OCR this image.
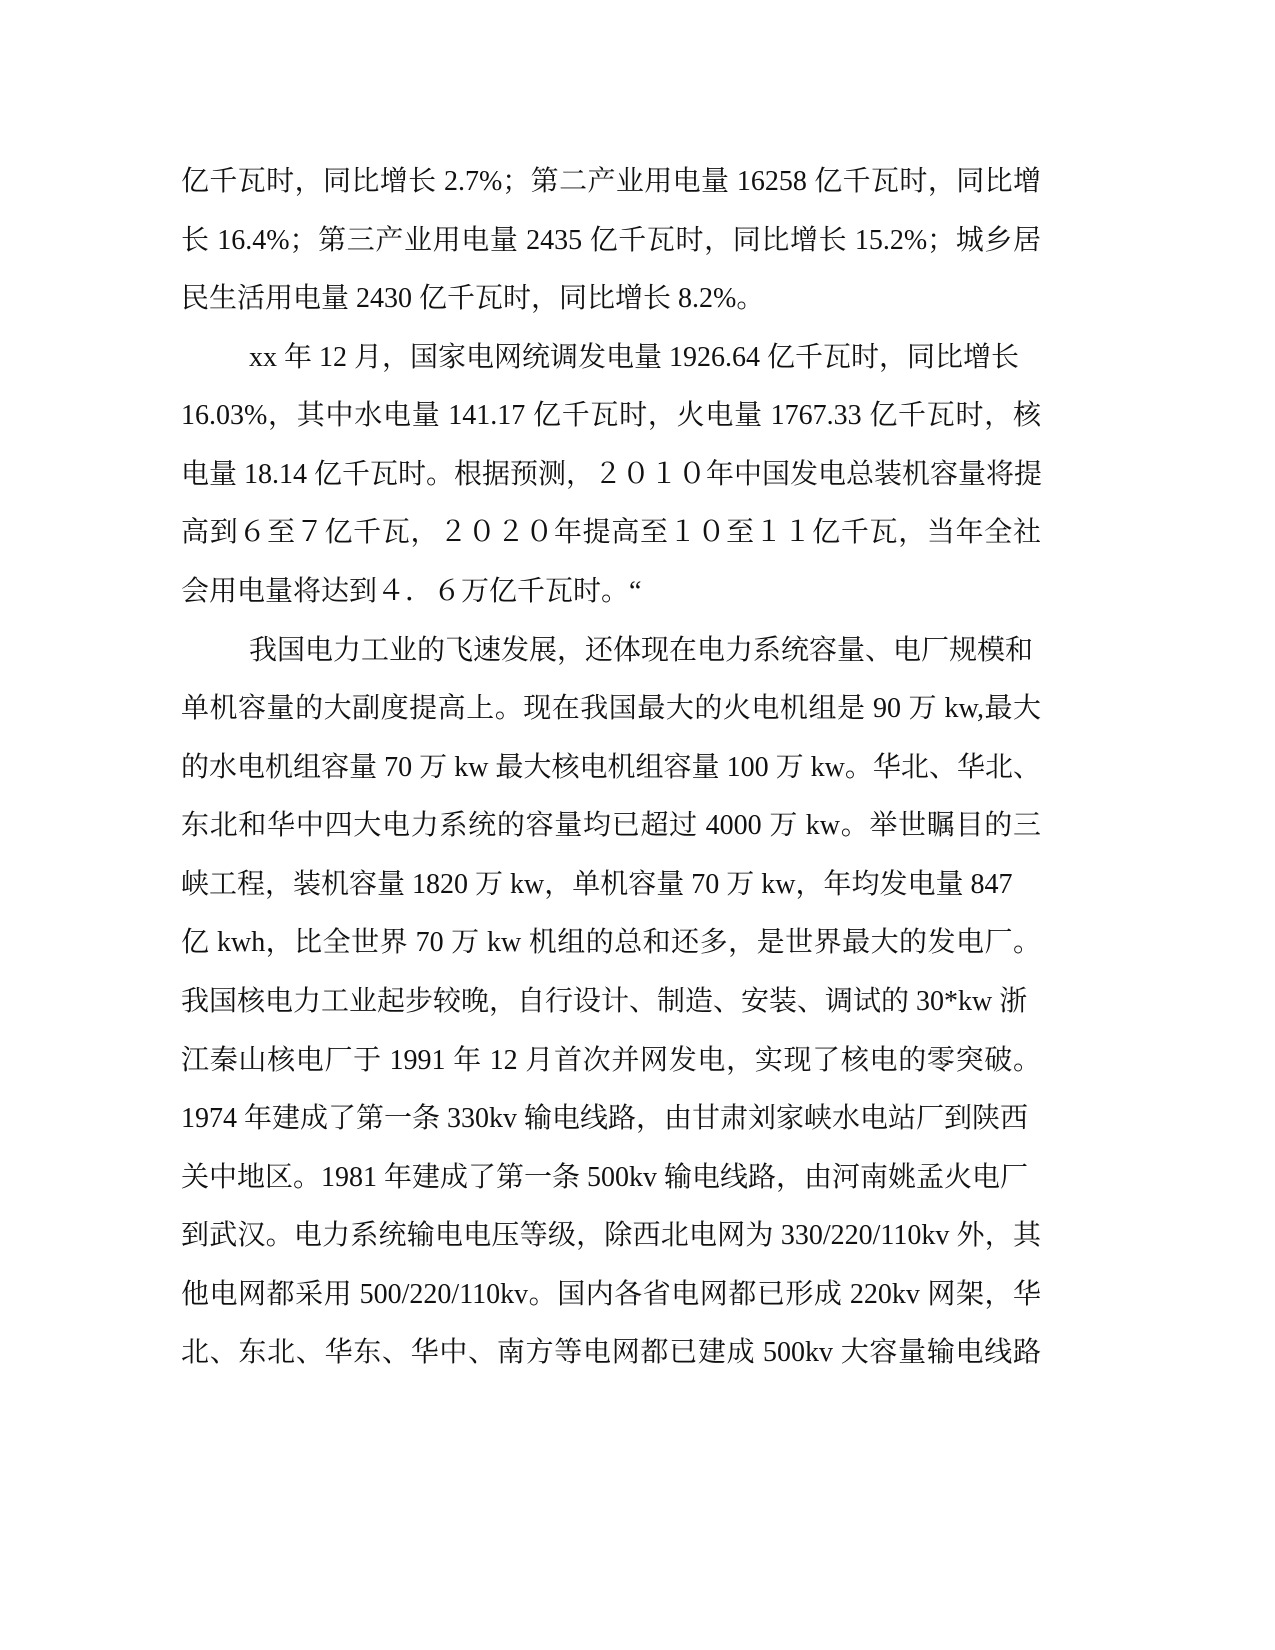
亿千瓦时，同比增长 2.7%；第二产业用电量 16258 亿千瓦时，同比增
长 16.4%；第三产业用电量 2435 亿千瓦时，同比增长 15.2%；城乡居
民生活用电量 2430 亿千瓦时，同比增长 8.2%。
xx 年 12 月，国家电网统调发电量 1926.64 亿千瓦时，同比增长
16.03%，其中水电量 141.17 亿千瓦时，火电量 1767.33 亿千瓦时，核
电量 18.14 亿千瓦时。根据预测，２０１０年中国发电总装机容量将提
高到６至７亿千瓦，２０２０年提高至１０至１１亿千瓦，当年全社
会用电量将达到４．６万亿千瓦时。“
我国电力工业的飞速发展，还体现在电力系统容量、电厂规模和
单机容量的大副度提高上。现在我国最大的火电机组是 90 万 kw,最大
的水电机组容量 70 万 kw 最大核电机组容量 100 万 kw。华北、华北、
东北和华中四大电力系统的容量均已超过 4000 万 kw。举世瞩目的三
峡工程，装机容量 1820 万 kw，单机容量 70 万 kw，年均发电量 847
亿 kwh，比全世界 70 万 kw 机组的总和还多，是世界最大的发电厂。
我国核电力工业起步较晚，自行设计、制造、安装、调试的 30*kw 浙
江秦山核电厂于 1991 年 12 月首次并网发电，实现了核电的零突破。
1974 年建成了第一条 330kv 输电线路，由甘肃刘家峡水电站厂到陕西
关中地区。1981 年建成了第一条 500kv 输电线路，由河南姚孟火电厂
到武汉。电力系统输电电压等级，除西北电网为 330/220/110kv 外，其
他电网都采用 500/220/110kv。国内各省电网都已形成 220kv 网架，华
北、东北、华东、华中、南方等电网都已建成 500kv 大容量输电线路
